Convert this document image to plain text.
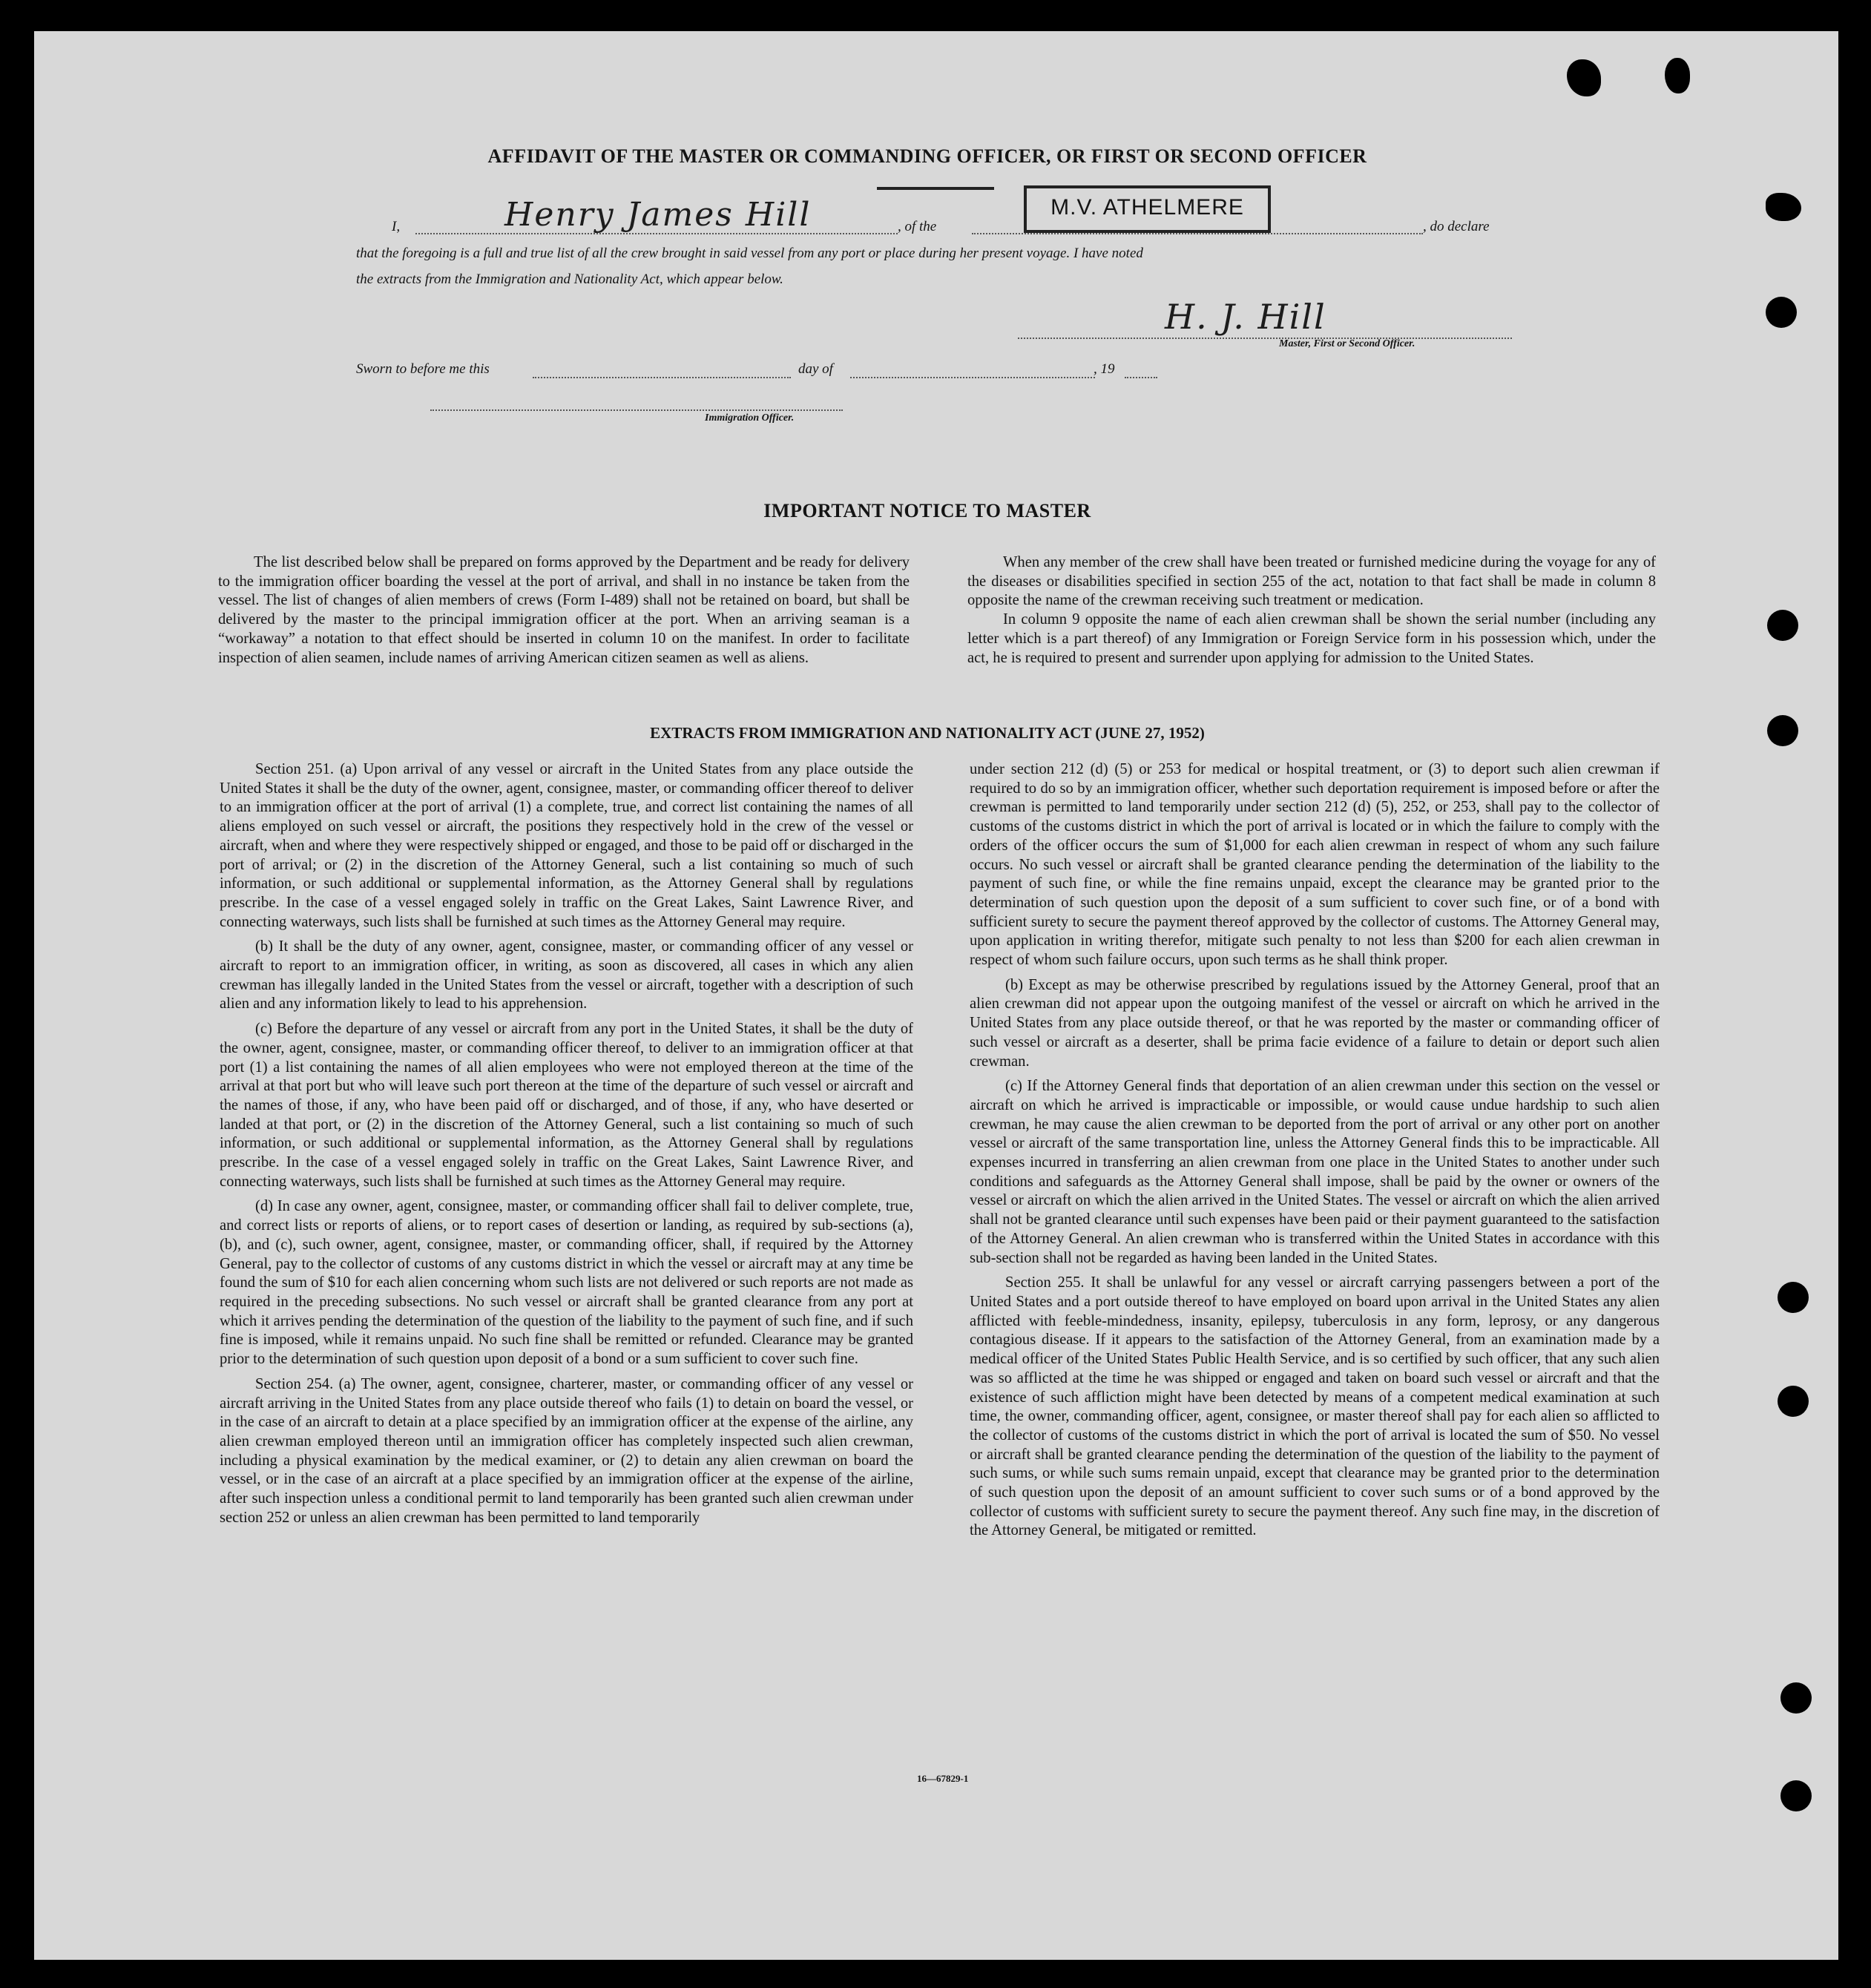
AFFIDAVIT OF THE MASTER OR COMMANDING OFFICER, OR FIRST OR SECOND OFFICER
I,	Henry James Hill	, of the
M.V. ATHELMERE
, do declare
that the foregoing is a full and true list of all the crew brought in said vessel from any port or place during her present voyage. I have noted
the extracts from the Immigration and Nationality Act, which appear below.
H. J. Hill
Master, First or Second Officer.
Sworn to before me this	day of	, 19
Immigration Officer.
IMPORTANT NOTICE TO MASTER

The list described below shall be prepared on forms approved by the Department and be ready for delivery to the immigration officer boarding the vessel at the port of arrival, and shall in no instance be taken from the vessel. The list of changes of alien members of crews (Form I-489) shall not be retained on board, but shall be delivered by the master to the principal immigration officer at the port. When an arriving seaman is a “workaway” a notation to that effect should be inserted in column 10 on the manifest. In order to facilitate inspection of alien seamen, include names of arriving American citizen seamen as well as aliens.

When any member of the crew shall have been treated or furnished medicine during the voyage for any of the diseases or disabilities specified in section 255 of the act, notation to that fact shall be made in column 8 opposite the name of the crewman receiving such treatment or medication.

In column 9 opposite the name of each alien crewman shall be shown the serial number (including any letter which is a part thereof) of any Immigration or Foreign Service form in his possession which, under the act, he is required to present and surrender upon applying for admission to the United States.

EXTRACTS FROM IMMIGRATION AND NATIONALITY ACT (JUNE 27, 1952)

Section 251. (a) Upon arrival of any vessel or aircraft in the United States from any place outside the United States it shall be the duty of the owner, agent, consignee, master, or commanding officer thereof to deliver to an immigration officer at the port of arrival (1) a complete, true, and correct list containing the names of all aliens employed on such vessel or aircraft, the positions they respectively hold in the crew of the vessel or aircraft, when and where they were respectively shipped or engaged, and those to be paid off or discharged in the port of arrival; or (2) in the discretion of the Attorney General, such a list containing so much of such information, or such additional or supplemental information, as the Attorney General shall by regulations prescribe. In the case of a vessel engaged solely in traffic on the Great Lakes, Saint Lawrence River, and connecting waterways, such lists shall be furnished at such times as the Attorney General may require.

(b) It shall be the duty of any owner, agent, consignee, master, or commanding officer of any vessel or aircraft to report to an immigration officer, in writing, as soon as discovered, all cases in which any alien crewman has illegally landed in the United States from the vessel or aircraft, together with a description of such alien and any information likely to lead to his apprehension.

(c) Before the departure of any vessel or aircraft from any port in the United States, it shall be the duty of the owner, agent, consignee, master, or commanding officer thereof, to deliver to an immigration officer at that port (1) a list containing the names of all alien employees who were not employed thereon at the time of the arrival at that port but who will leave such port thereon at the time of the departure of such vessel or aircraft and the names of those, if any, who have been paid off or discharged, and of those, if any, who have deserted or landed at that port, or (2) in the discretion of the Attorney General, such a list containing so much of such information, or such additional or supplemental information, as the Attorney General shall by regulations prescribe. In the case of a vessel engaged solely in traffic on the Great Lakes, Saint Lawrence River, and connecting waterways, such lists shall be furnished at such times as the Attorney General may require.

(d) In case any owner, agent, consignee, master, or commanding officer shall fail to deliver complete, true, and correct lists or reports of aliens, or to report cases of desertion or landing, as required by sub-sections (a), (b), and (c), such owner, agent, consignee, master, or commanding officer, shall, if required by the Attorney General, pay to the collector of customs of any customs district in which the vessel or aircraft may at any time be found the sum of $10 for each alien concerning whom such lists are not delivered or such reports are not made as required in the preceding subsections. No such vessel or aircraft shall be granted clearance from any port at which it arrives pending the determination of the question of the liability to the payment of such fine, and if such fine is imposed, while it remains unpaid. No such fine shall be remitted or refunded. Clearance may be granted prior to the determination of such question upon deposit of a bond or a sum sufficient to cover such fine.

Section 254. (a) The owner, agent, consignee, charterer, master, or commanding officer of any vessel or aircraft arriving in the United States from any place outside thereof who fails (1) to detain on board the vessel, or in the case of an aircraft to detain at a place specified by an immigration officer at the expense of the airline, any alien crewman employed thereon until an immigration officer has completely inspected such alien crewman, including a physical examination by the medical examiner, or (2) to detain any alien crewman on board the vessel, or in the case of an aircraft at a place specified by an immigration officer at the expense of the airline, after such inspection unless a conditional permit to land temporarily has been granted such alien crewman under section 252 or unless an alien crewman has been permitted to land temporarily

under section 212 (d) (5) or 253 for medical or hospital treatment, or (3) to deport such alien crewman if required to do so by an immigration officer, whether such deportation requirement is imposed before or after the crewman is permitted to land temporarily under section 212 (d) (5), 252, or 253, shall pay to the collector of customs of the customs district in which the port of arrival is located or in which the failure to comply with the orders of the officer occurs the sum of $1,000 for each alien crewman in respect of whom any such failure occurs. No such vessel or aircraft shall be granted clearance pending the determination of the liability to the payment of such fine, or while the fine remains unpaid, except the clearance may be granted prior to the determination of such question upon the deposit of a sum sufficient to cover such fine, or of a bond with sufficient surety to secure the payment thereof approved by the collector of customs. The Attorney General may, upon application in writing therefor, mitigate such penalty to not less than $200 for each alien crewman in respect of whom such failure occurs, upon such terms as he shall think proper.

(b) Except as may be otherwise prescribed by regulations issued by the Attorney General, proof that an alien crewman did not appear upon the outgoing manifest of the vessel or aircraft on which he arrived in the United States from any place outside thereof, or that he was reported by the master or commanding officer of such vessel or aircraft as a deserter, shall be prima facie evidence of a failure to detain or deport such alien crewman.

(c) If the Attorney General finds that deportation of an alien crewman under this section on the vessel or aircraft on which he arrived is impracticable or impossible, or would cause undue hardship to such alien crewman, he may cause the alien crewman to be deported from the port of arrival or any other port on another vessel or aircraft of the same transportation line, unless the Attorney General finds this to be impracticable. All expenses incurred in transferring an alien crewman from one place in the United States to another under such conditions and safeguards as the Attorney General shall impose, shall be paid by the owner or owners of the vessel or aircraft on which the alien arrived in the United States. The vessel or aircraft on which the alien arrived shall not be granted clearance until such expenses have been paid or their payment guaranteed to the satisfaction of the Attorney General. An alien crewman who is transferred within the United States in accordance with this sub-section shall not be regarded as having been landed in the United States.

Section 255. It shall be unlawful for any vessel or aircraft carrying passengers between a port of the United States and a port outside thereof to have employed on board upon arrival in the United States any alien afflicted with feeble-mindedness, insanity, epilepsy, tuberculosis in any form, leprosy, or any dangerous contagious disease. If it appears to the satisfaction of the Attorney General, from an examination made by a medical officer of the United States Public Health Service, and is so certified by such officer, that any such alien was so afflicted at the time he was shipped or engaged and taken on board such vessel or aircraft and that the existence of such affliction might have been detected by means of a competent medical examination at such time, the owner, commanding officer, agent, consignee, or master thereof shall pay for each alien so afflicted to the collector of customs of the customs district in which the port of arrival is located the sum of $50. No vessel or aircraft shall be granted clearance pending the determination of the question of the liability to the payment of such sums, or while such sums remain unpaid, except that clearance may be granted prior to the determination of such question upon the deposit of an amount sufficient to cover such sums or of a bond approved by the collector of customs with sufficient surety to secure the payment thereof. Any such fine may, in the discretion of the Attorney General, be mitigated or remitted.

16—67829-1
